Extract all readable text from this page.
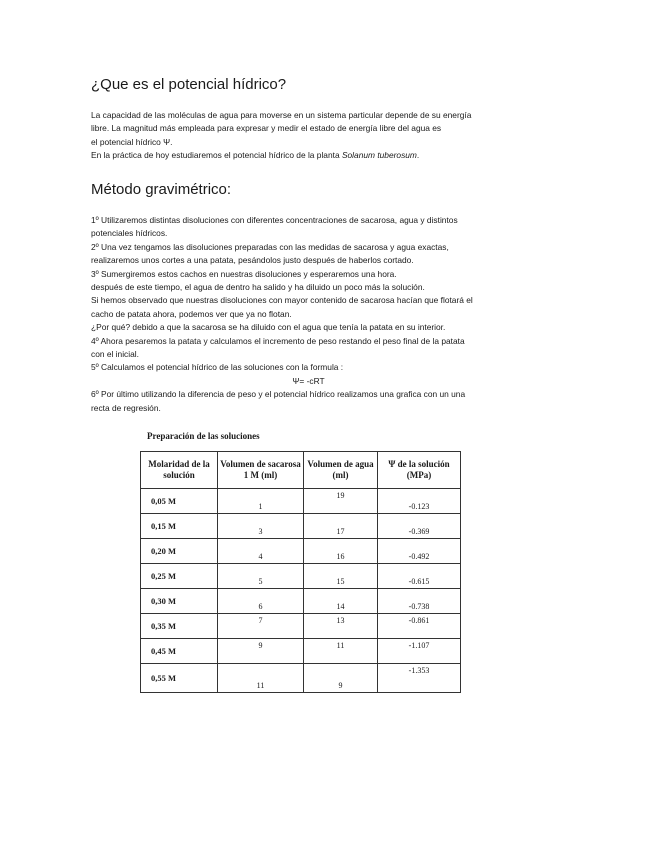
¿Que es el potencial hídrico?

La capacidad de las moléculas de agua para moverse en un sistema particular depende de su energía

libre. La magnitud más empleada para expresar y medir el estado de energía libre del agua es

el potencial hídrico Ψ.

En la práctica de hoy estudiaremos el potencial hídrico de la planta Solanum tuberosum.

Método gravimétrico:

1º Utilizaremos distintas disoluciones con diferentes concentraciones de sacarosa, agua y distintos

potenciales hídricos.

2º Una vez tengamos las disoluciones preparadas con las medidas de sacarosa y agua exactas,

realizaremos unos cortes a una patata, pesándolos justo después de haberlos cortado.

3º Sumergiremos estos cachos en nuestras disoluciones y esperaremos una hora.

después de este tiempo, el agua de dentro ha salido y ha diluido un poco más la solución.

Si hemos observado que nuestras disoluciones con mayor contenido de sacarosa hacían que flotará el

cacho de patata ahora, podemos ver que ya no flotan.

¿Por qué? debido a que la sacarosa se ha diluido con el agua que tenía la patata en su interior.

4º Ahora pesaremos la patata y calculamos el incremento de peso restando el peso final de la patata

con el inicial.

5º Calculamos el potencial hídrico de las soluciones con la formula :

Ψ= -cRT

6º Por último utilizando la diferencia de peso y el potencial hídrico realizamos una grafica con un una

recta de regresión.

Preparación de las soluciones

Molaridad de la solución	Volumen de sacarosa 1 M (ml)	Volumen de agua (ml)	Ψ de la solución (MPa)
0,05 M	1	19	-0.123
0,15 M	3	17	-0.369
0,20 M	4	16	-0.492
0,25 M	5	15	-0.615
0,30 M	6	14	-0.738
0,35 M	7	13	-0.861
0,45 M	9	11	-1.107
0,55 M	11	9	-1.353
